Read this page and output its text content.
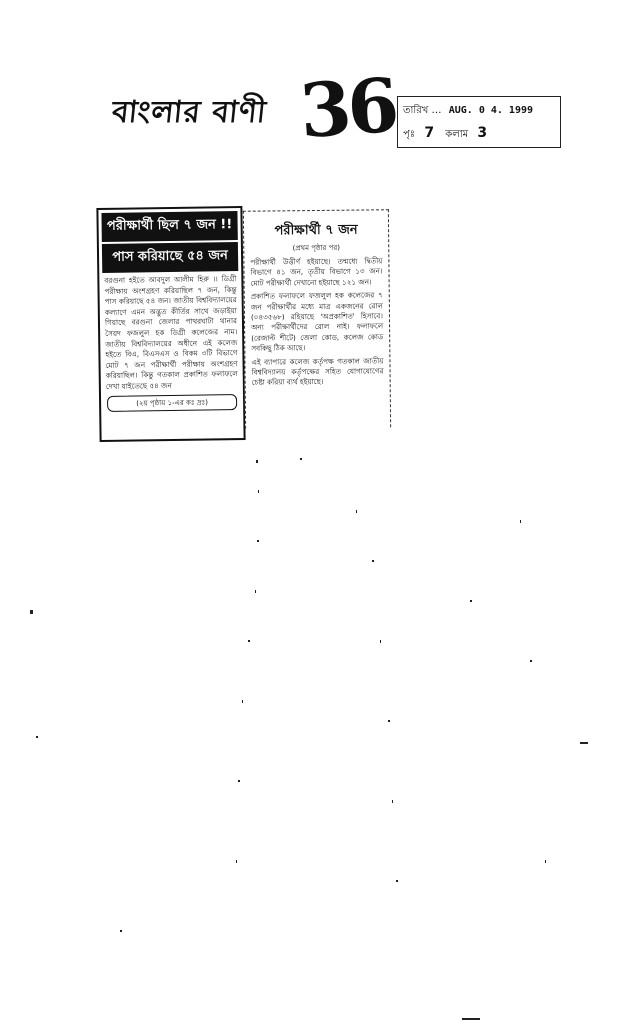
বাংলার বাণী 36 তারিখ … AUG. 0 4. 1999
পৃঃ 7 কলাম 3
পরীক্ষার্থী ছিল ৭ জন !!
পাস করিয়াছে ৫৪ জন
বরগুনা হইতে আবদুল আলীম হিরু ।। ডিগ্রী পরীক্ষায় অংশগ্রহণ করিয়াছিল ৭ জন, কিন্তু পাস করিয়াছে ৫৪ জন। জাতীয় বিশ্ববিদ্যালয়ের কল্যাণে এমন অদ্ভুত কীর্তির সাথে জড়াইয়া গিয়াছে বরগুনা জেলার পাথরঘাটা থানার সৈয়দ ফজলুল হক ডিগ্রী কলেজের নাম। জাতীয় বিশ্ববিদ্যালয়ের অধীনে এই কলেজ হইতে বিএ, বিএসএস ও বিকম ৩টি বিভাগে মোট ৭ জন পরীক্ষার্থী পরীক্ষায় অংশগ্রহণ করিয়াছিল। কিন্তু গতকাল প্রকাশিত ফলাফলে দেখা যাইতেছে ৫৪ জন
(২য় পৃষ্ঠায় ১-এর কঃ দ্রঃ)
পরীক্ষার্থী ৭ জন
(প্রথম পৃষ্ঠার পর)

পরীক্ষার্থী উত্তীর্ণ হইয়াছে। তন্মধ্যে দ্বিতীয় বিভাগে ৪১ জন, তৃতীয় বিভাগে ১৩ জন। মোট পরীক্ষার্থী দেখানো হইয়াছে ১২১ জন।

প্রকাশিত ফলাফলে ফজলুল হক কলেজের ৭ জন পরীক্ষার্থীর মধ্যে মাত্র একজনের রোল (০৪৩৫৬৮) রহিয়াছে 'অপ্রকাশিত' হিসাবে। অন্য পরীক্ষার্থীদের রোল নাই। ফলাফলে (রেজাল্ট শীটে) জেলা কোড, কলেজ কোড সবকিছু ঠিক আছে।

এই ব্যাপারে কলেজ কর্তৃপক্ষ গতকাল জাতীয় বিশ্ববিদ্যালয় কর্তৃপক্ষের সহিত যোগাযোগের চেষ্টা করিয়া ব্যর্থ হইয়াছে।
